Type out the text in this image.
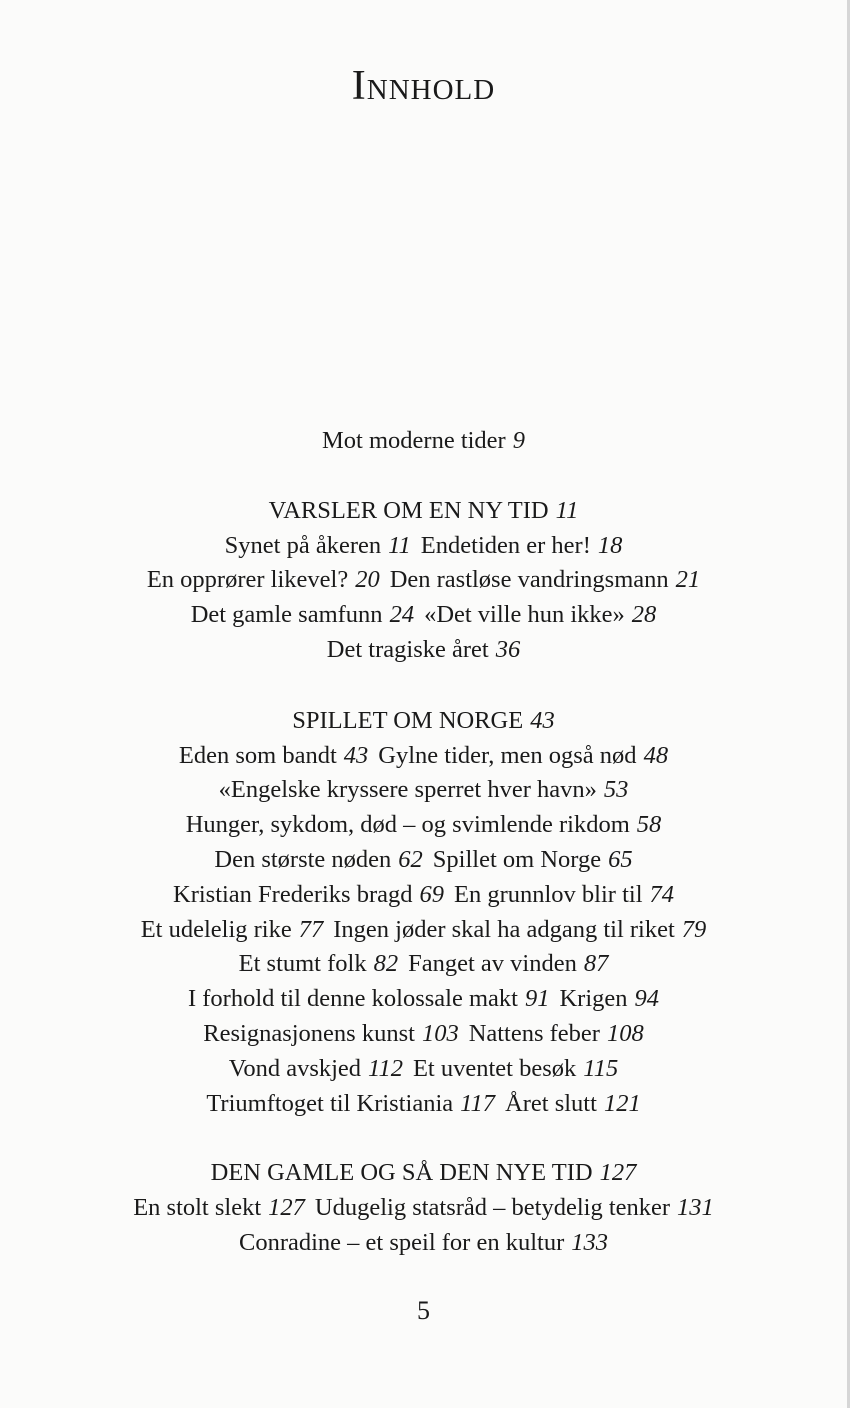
Innhold
Mot moderne tider 9
VARSLER OM EN NY TID 11
Synet på åkeren 11 Endetiden er her! 18
En opprører likevel? 20 Den rastløse vandringsmann 21
Det gamle samfunn 24 «Det ville hun ikke» 28
Det tragiske året 36
SPILLET OM NORGE 43
Eden som bandt 43 Gylne tider, men også nød 48
«Engelske kryssere sperret hver havn» 53
Hunger, sykdom, død – og svimlende rikdom 58
Den største nøden 62 Spillet om Norge 65
Kristian Frederiks bragd 69 En grunnlov blir til 74
Et udelelig rike 77 Ingen jøder skal ha adgang til riket 79
Et stumt folk 82 Fanget av vinden 87
I forhold til denne kolossale makt 91 Krigen 94
Resignasjonens kunst 103 Nattens feber 108
Vond avskjed 112 Et uventet besøk 115
Triumftoget til Kristiania 117 Året slutt 121
DEN GAMLE OG SÅ DEN NYE TID 127
En stolt slekt 127 Udugelig statsråd – betydelig tenker 131
Conradine – et speil for en kultur 133
5
